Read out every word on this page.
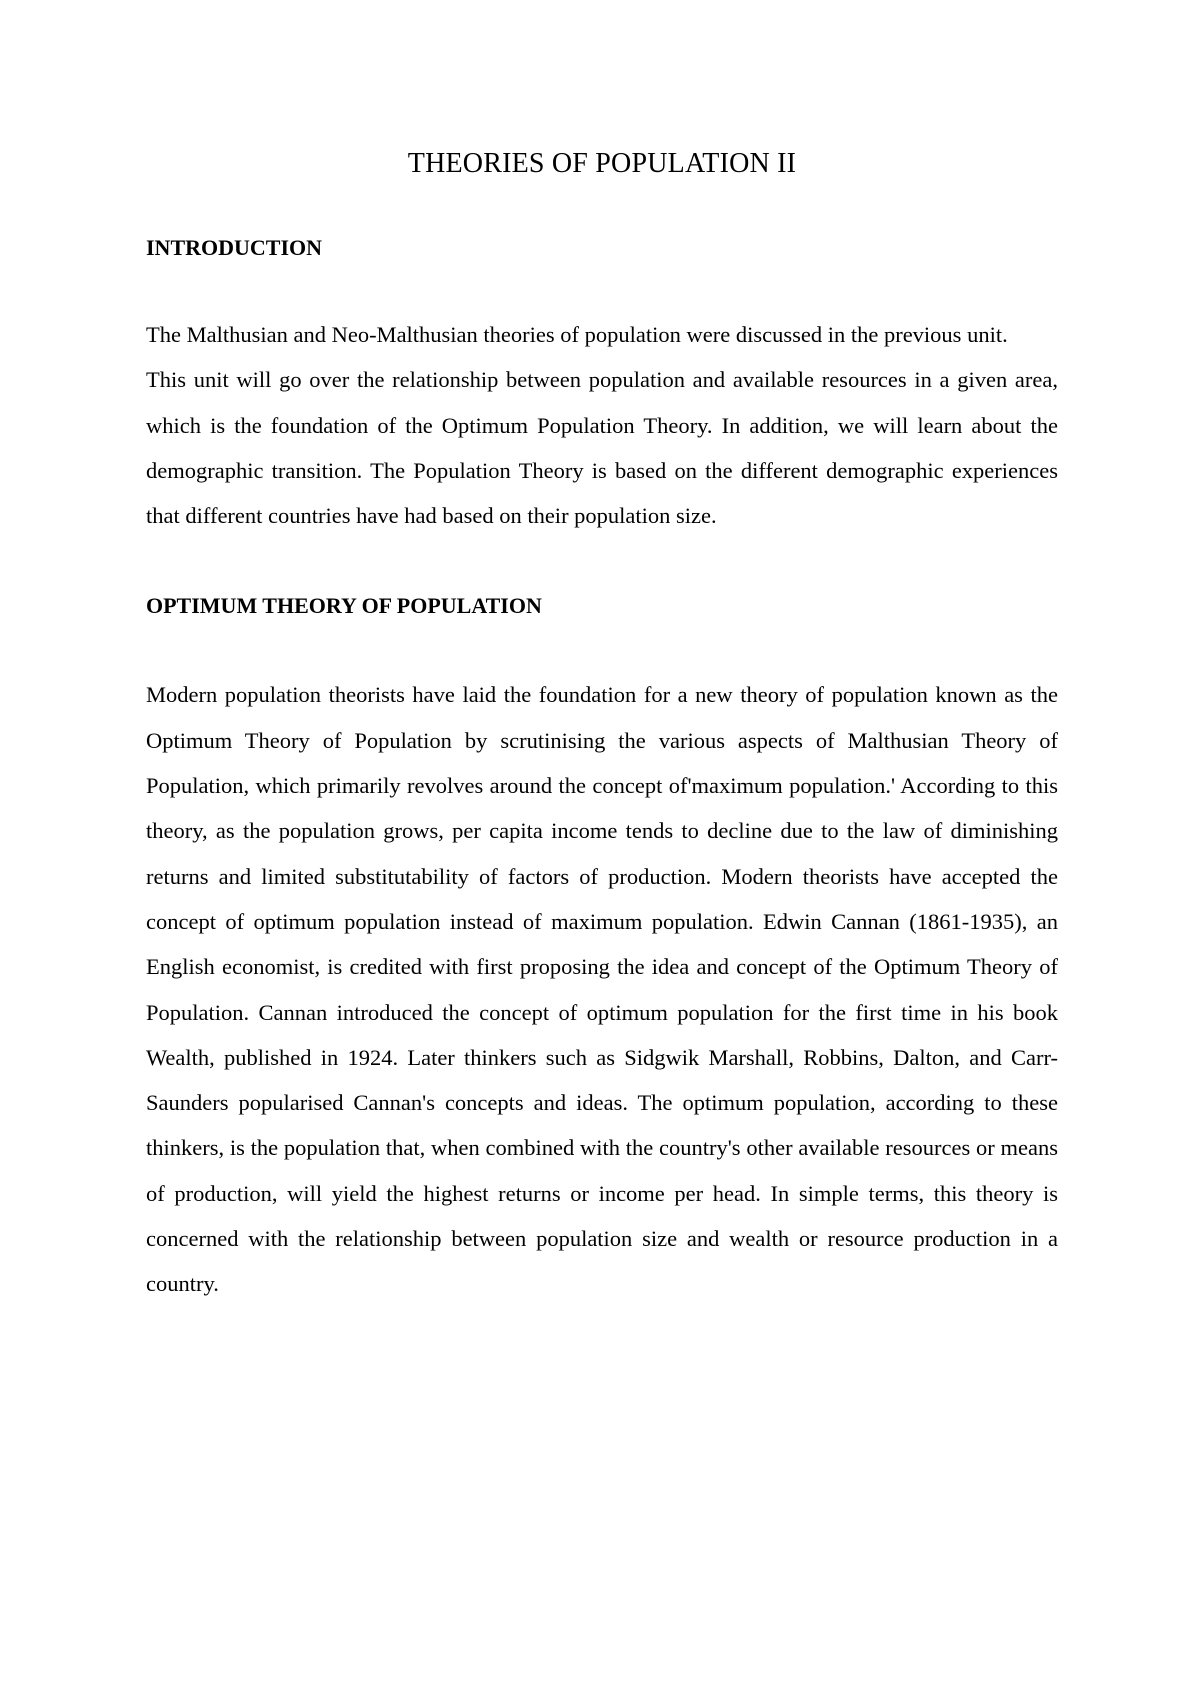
THEORIES OF POPULATION II
INTRODUCTION

The Malthusian and Neo-Malthusian theories of population were discussed in the previous unit.

This unit will go over the relationship between population and available resources in a given area, which is the foundation of the Optimum Population Theory. In addition, we will learn about the demographic transition. The Population Theory is based on the different demographic experiences that different countries have had based on their population size.

OPTIMUM THEORY OF POPULATION

Modern population theorists have laid the foundation for a new theory of population known as the Optimum Theory of Population by scrutinising the various aspects of Malthusian Theory of Population, which primarily revolves around the concept of'maximum population.' According to this theory, as the population grows, per capita income tends to decline due to the law of diminishing returns and limited substitutability of factors of production. Modern theorists have accepted the concept of optimum population instead of maximum population. Edwin Cannan (1861-1935), an English economist, is credited with first proposing the idea and concept of the Optimum Theory of Population. Cannan introduced the concept of optimum population for the first time in his book Wealth, published in 1924. Later thinkers such as Sidgwik Marshall, Robbins, Dalton, and Carr-Saunders popularised Cannan's concepts and ideas. The optimum population, according to these thinkers, is the population that, when combined with the country's other available resources or means of production, will yield the highest returns or income per head. In simple terms, this theory is concerned with the relationship between population size and wealth or resource production in a country.
